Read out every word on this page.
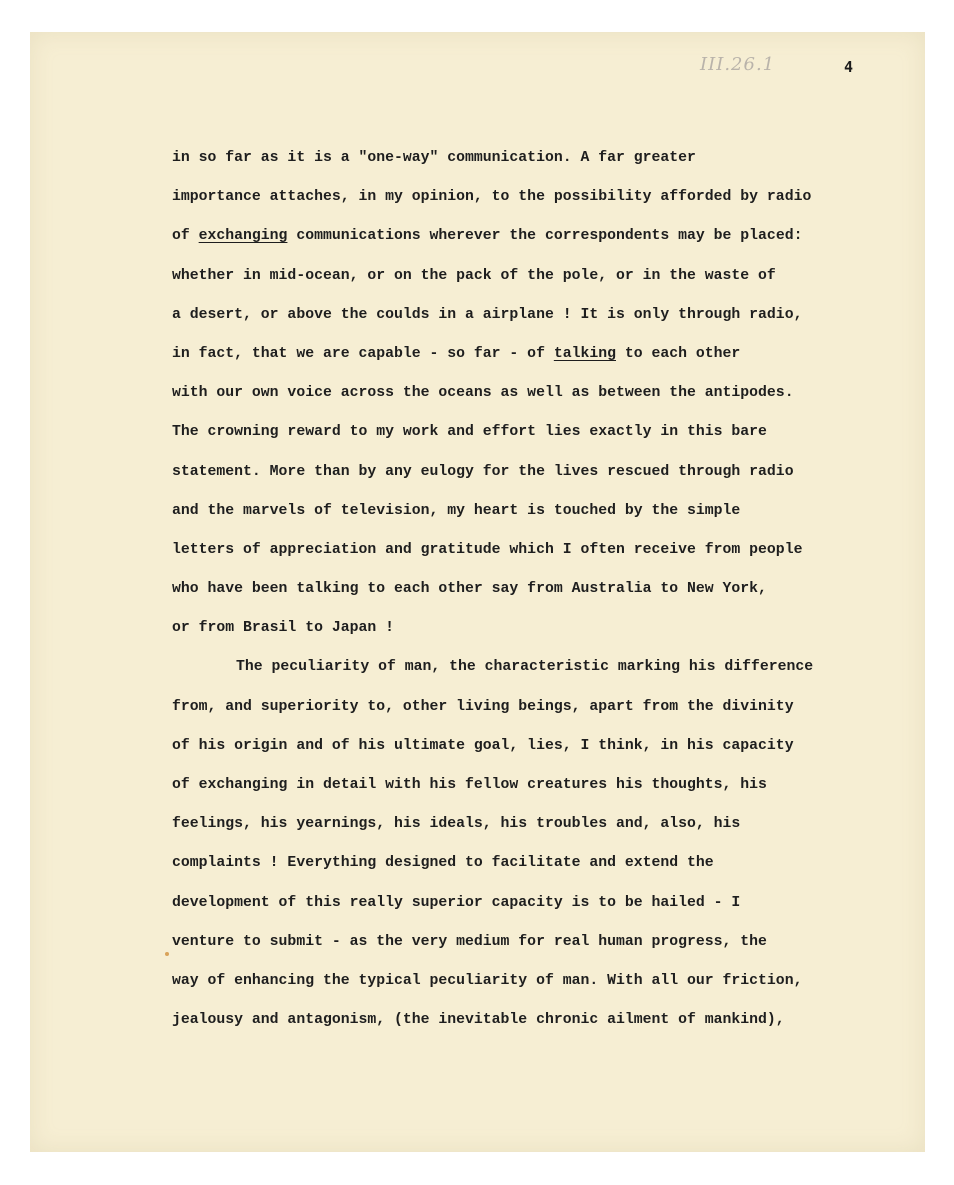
III.26.1	4
in so far as it is a "one-way" communication. A far greater
importance attaches, in my opinion, to the possibility afforded by radio
of exchanging communications wherever the correspondents may be placed:
whether in mid-ocean, or on the pack of the pole, or in the waste of
a desert, or above the coulds in a airplane ! It is only through radio,
in fact, that we are capable - so far - of talking to each other
with our own voice across the oceans as well as between the antipodes.
The crowning reward to my work and effort lies exactly in this bare
statement. More than by any eulogy for the lives rescued through radio
and the marvels of television, my heart is touched by the simple
letters of appreciation and gratitude which I often receive from people
who have been talking to each other say from Australia to New York,
or from Brasil to Japan !
The peculiarity of man, the characteristic marking his difference
from, and superiority to, other living beings, apart from the divinity
of his origin and of his ultimate goal, lies, I think, in his capacity
of exchanging in detail with his fellow creatures his thoughts, his
feelings, his yearnings, his ideals, his troubles and, also, his
complaints ! Everything designed to facilitate and extend the
development of this really superior capacity is to be hailed - I
venture to submit - as the very medium for real human progress, the
way of enhancing the typical peculiarity of man. With all our friction,
jealousy and antagonism, (the inevitable chronic ailment of mankind),
